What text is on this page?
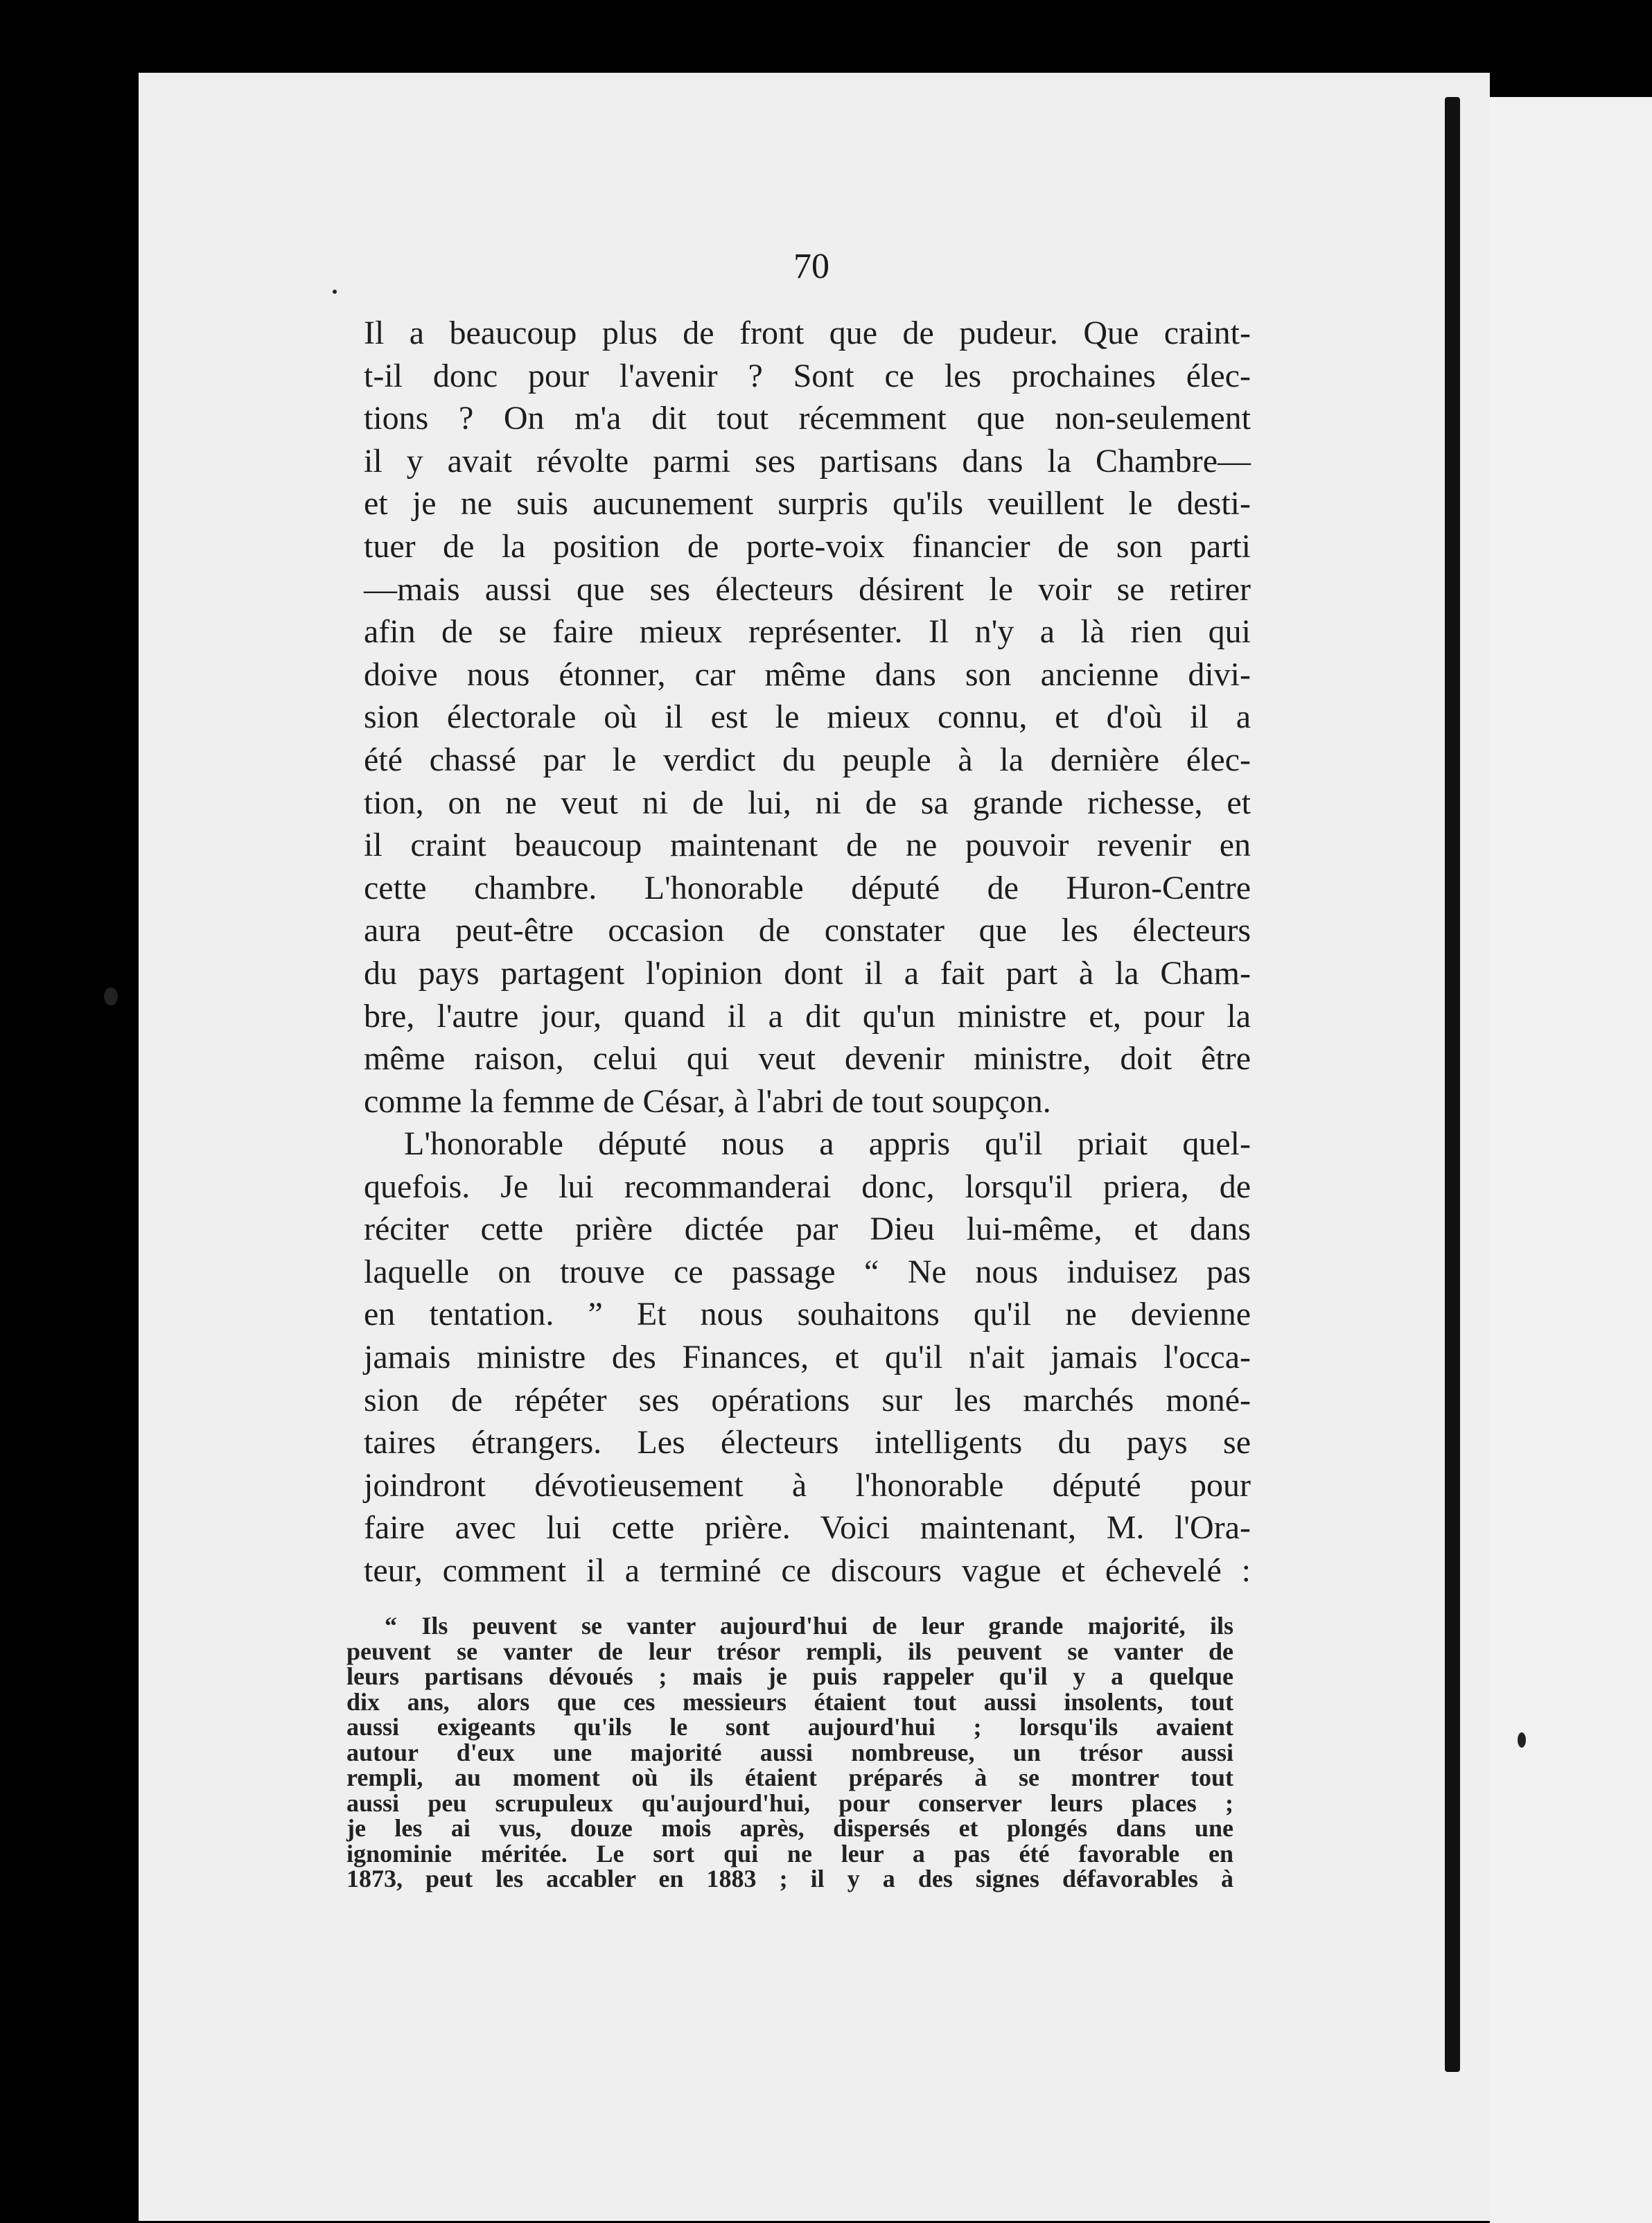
70
Il a beaucoup plus de front que de pudeur. Que craint-
t-il donc pour l'avenir ? Sont ce les prochaines élec-
tions ? On m'a dit tout récemment que non-seulement
il y avait révolte parmi ses partisans dans la Chambre—
et je ne suis aucunement surpris qu'ils veuillent le desti-
tuer de la position de porte-voix financier de son parti
—mais aussi que ses électeurs désirent le voir se retirer
afin de se faire mieux représenter. Il n'y a là rien qui
doive nous étonner, car même dans son ancienne divi-
sion électorale où il est le mieux connu, et d'où il a
été chassé par le verdict du peuple à la dernière élec-
tion, on ne veut ni de lui, ni de sa grande richesse, et
il craint beaucoup maintenant de ne pouvoir revenir en
cette chambre. L'honorable député de Huron-Centre
aura peut-être occasion de constater que les électeurs
du pays partagent l'opinion dont il a fait part à la Cham-
bre, l'autre jour, quand il a dit qu'un ministre et, pour la
même raison, celui qui veut devenir ministre, doit être
comme la femme de César, à l'abri de tout soupçon.
L'honorable député nous a appris qu'il priait quel-
quefois. Je lui recommanderai donc, lorsqu'il priera, de
réciter cette prière dictée par Dieu lui-même, et dans
laquelle on trouve ce passage “ Ne nous induisez pas
en tentation. ” Et nous souhaitons qu'il ne devienne
jamais ministre des Finances, et qu'il n'ait jamais l'occa-
sion de répéter ses opérations sur les marchés moné-
taires étrangers. Les électeurs intelligents du pays se
joindront dévotieusement à l'honorable député pour
faire avec lui cette prière. Voici maintenant, M. l'Ora-
teur, comment il a terminé ce discours vague et échevelé :
“ Ils peuvent se vanter aujourd'hui de leur grande majorité, ils
peuvent se vanter de leur trésor rempli, ils peuvent se vanter de
leurs partisans dévoués ; mais je puis rappeler qu'il y a quelque
dix ans, alors que ces messieurs étaient tout aussi insolents, tout
aussi exigeants qu'ils le sont aujourd'hui ; lorsqu'ils avaient
autour d'eux une majorité aussi nombreuse, un trésor aussi
rempli, au moment où ils étaient préparés à se montrer tout
aussi peu scrupuleux qu'aujourd'hui, pour conserver leurs places ;
je les ai vus, douze mois après, dispersés et plongés dans une
ignominie méritée. Le sort qui ne leur a pas été favorable en
1873, peut les accabler en 1883 ; il y a des signes défavorables à
